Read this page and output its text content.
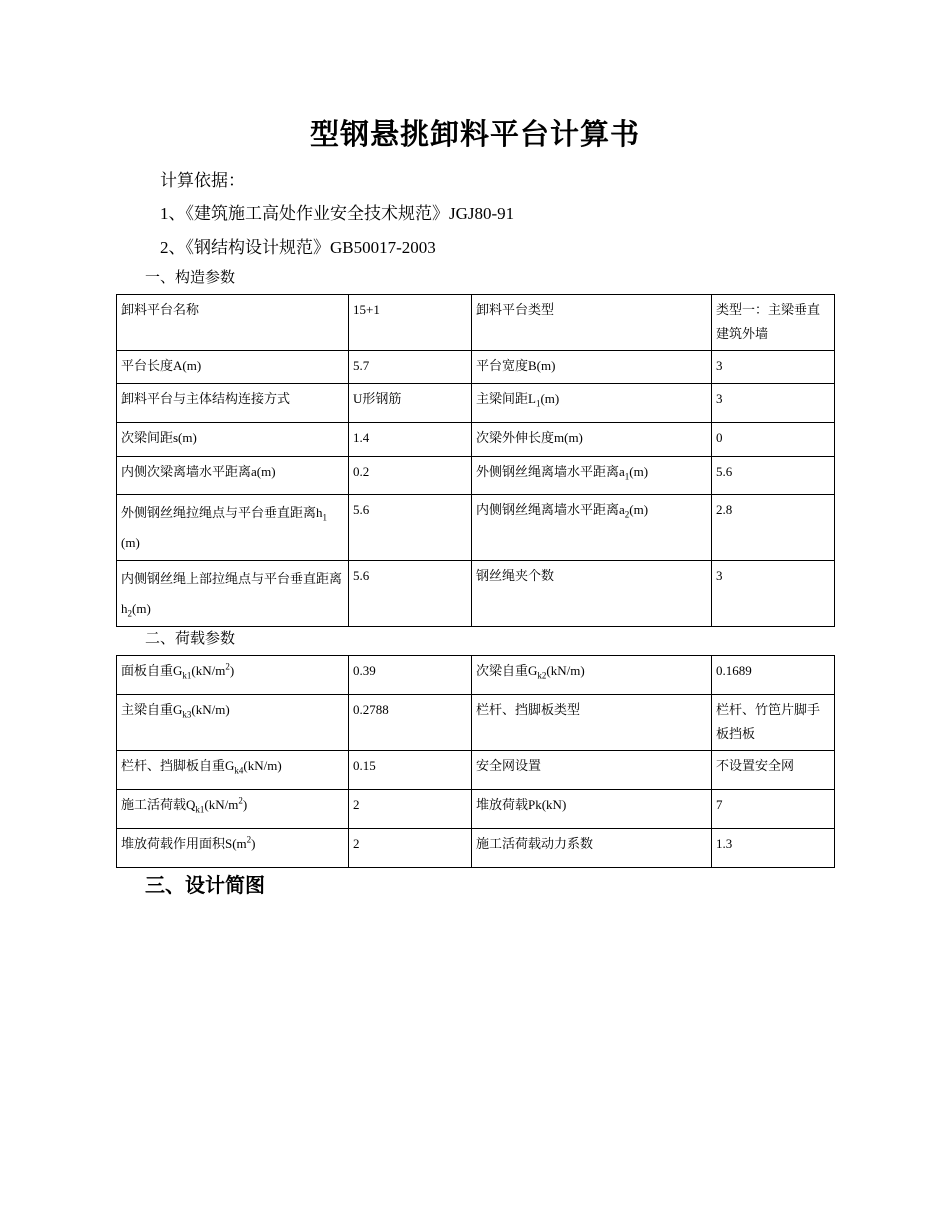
型钢悬挑卸料平台计算书
计算依据：
1、《建筑施工高处作业安全技术规范》JGJ80-91
2、《钢结构设计规范》GB50017-2003
一、构造参数
卸料平台名称	15+1	卸料平台类型	类型一：主梁垂直建筑外墙
平台长度A(m)	5.7	平台宽度B(m)	3
卸料平台与主体结构连接方式	U形钢筋	主梁间距$L_1(m)$	3
次梁间距s(m)	1.4	次梁外伸长度m(m)	0
内侧次梁离墙水平距离a(m)	0.2	外侧钢丝绳离墙水平距离$a_1(m)$	5.6
外侧钢丝绳拉绳点与平台垂直距离$h_1(m)$	5.6	内侧钢丝绳离墙水平距离$a_2(m)$	2.8
内侧钢丝绳上部拉绳点与平台垂直距离$h_2(m)$	5.6	钢丝绳夹个数	3
二、荷载参数
面板自重$G_{k1}(kN/m^2)$	0.39	次梁自重$G_{k2}(kN/m)$	0.1689
主梁自重$G_{k3}(kN/m)$	0.2788	栏杆、挡脚板类型	栏杆、竹笆片脚手板挡板
栏杆、挡脚板自重$G_{k4}(kN/m)$	0.15	安全网设置	不设置安全网
施工活荷载$Q_{k1}(kN/m^2)$	2	堆放荷载Pk(kN)	7
堆放荷载作用面积$S(m^2)$	2	施工活荷载动力系数	1.3
三、设计简图
